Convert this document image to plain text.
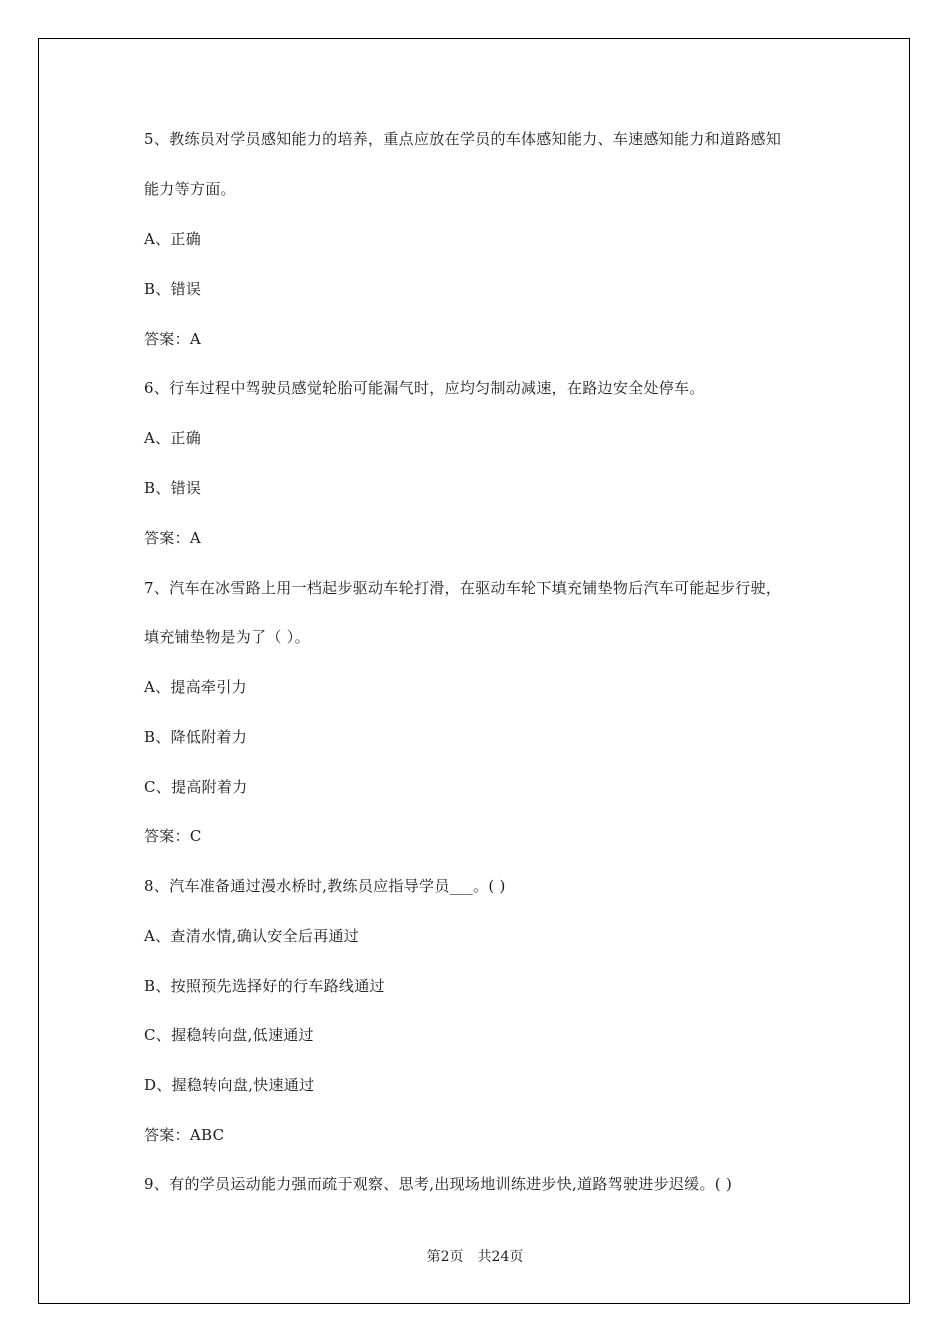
5、教练员对学员感知能力的培养，重点应放在学员的车体感知能力、车速感知能力和道路感知
能力等方面。
A、正确
B、错误
答案：A
6、行车过程中驾驶员感觉轮胎可能漏气时，应均匀制动减速，在路边安全处停车。
A、正确
B、错误
答案：A
7、汽车在冰雪路上用一档起步驱动车轮打滑，在驱动车轮下填充铺垫物后汽车可能起步行驶，
填充铺垫物是为了（ ）。
A、提高牵引力
B、降低附着力
C、提高附着力
答案：C
8、汽车准备通过漫水桥时,教练员应指导学员___。( )
A、查清水情,确认安全后再通过
B、按照预先选择好的行车路线通过
C、握稳转向盘,低速通过
D、握稳转向盘,快速通过
答案：ABC
9、有的学员运动能力强而疏于观察、思考,出现场地训练进步快,道路驾驶进步迟缓。( )
第2页 共24页
